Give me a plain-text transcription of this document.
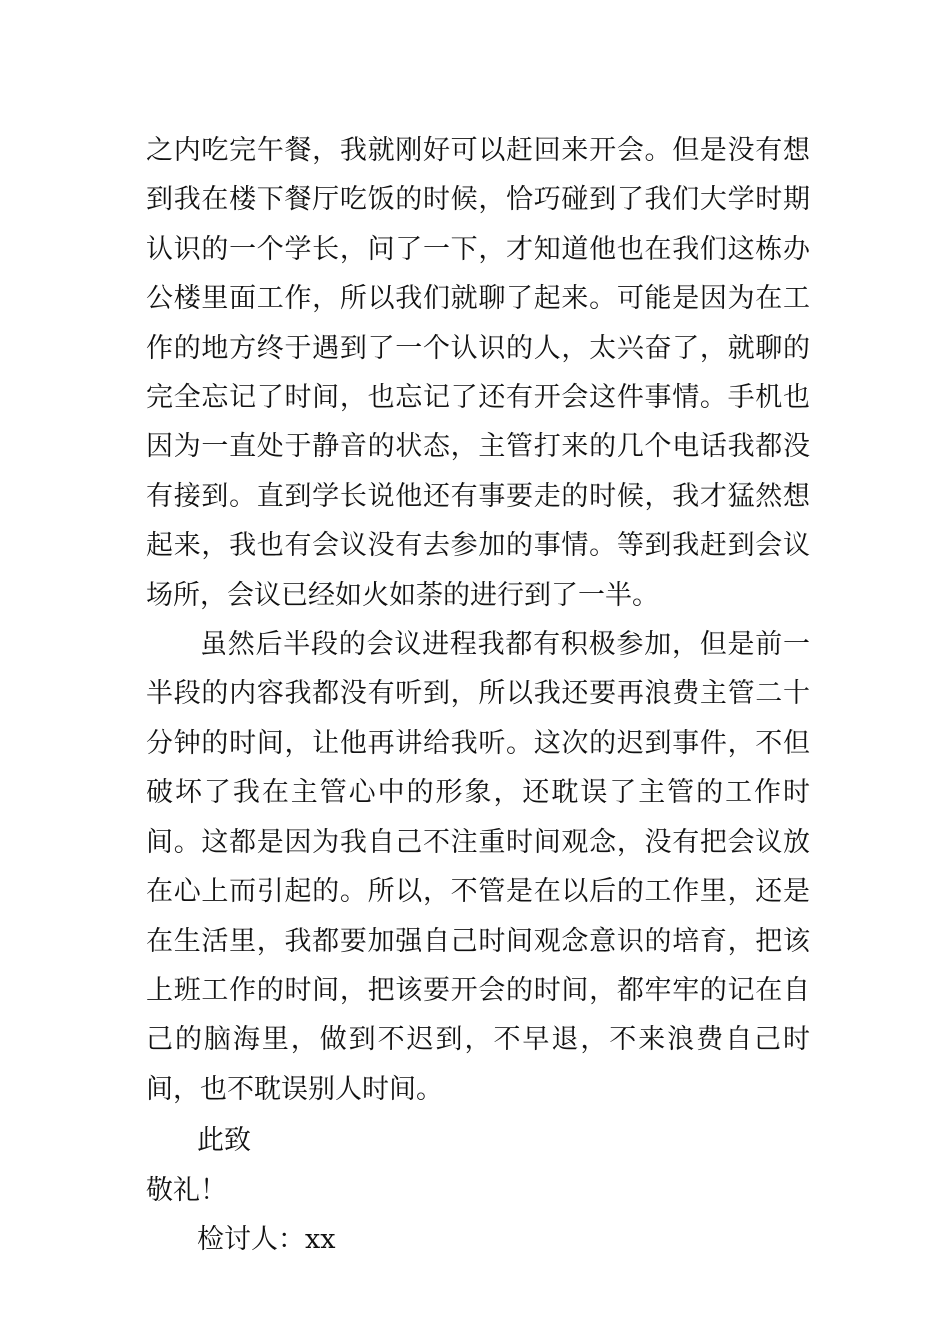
之内吃完午餐，我就刚好可以赶回来开会。但是没有想到我在楼下餐厅吃饭的时候，恰巧碰到了我们大学时期认识的一个学长，问了一下，才知道他也在我们这栋办公楼里面工作，所以我们就聊了起来。可能是因为在工作的地方终于遇到了一个认识的人，太兴奋了，就聊的完全忘记了时间，也忘记了还有开会这件事情。手机也因为一直处于静音的状态，主管打来的几个电话我都没有接到。直到学长说他还有事要走的时候，我才猛然想起来，我也有会议没有去参加的事情。等到我赶到会议场所，会议已经如火如荼的进行到了一半。

虽然后半段的会议进程我都有积极参加，但是前一半段的内容我都没有听到，所以我还要再浪费主管二十分钟的时间，让他再讲给我听。这次的迟到事件，不但破坏了我在主管心中的形象，还耽误了主管的工作时间。这都是因为我自己不注重时间观念，没有把会议放在心上而引起的。所以，不管是在以后的工作里，还是在生活里，我都要加强自己时间观念意识的培育，把该上班工作的时间，把该要开会的时间，都牢牢的记在自己的脑海里，做到不迟到，不早退，不来浪费自己时间，也不耽误别人时间。

此致

敬礼！

检讨人：xx
